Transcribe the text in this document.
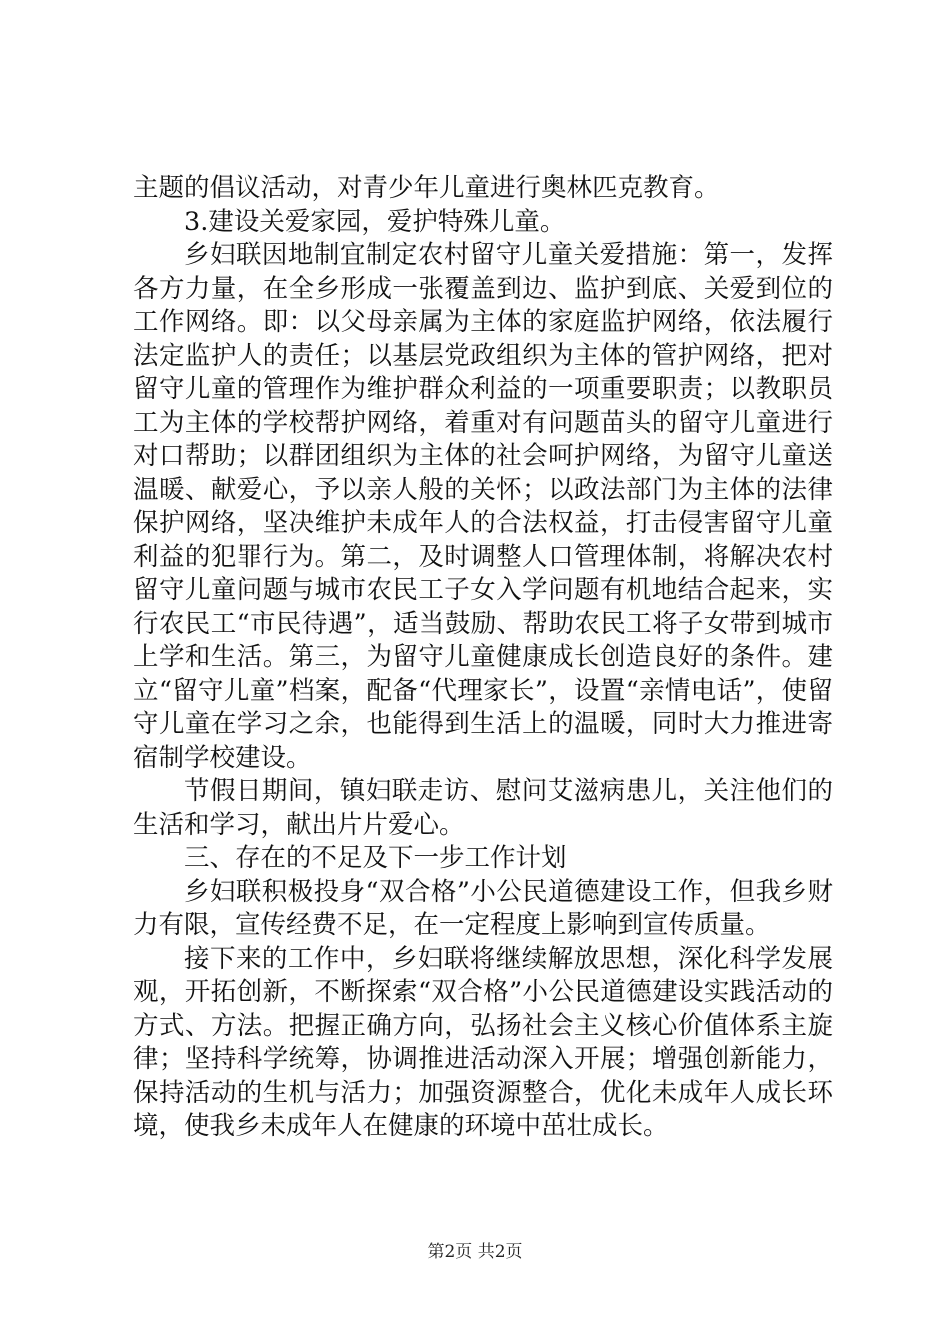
主题的倡议活动，对青少年儿童进行奥林匹克教育。

3.建设关爱家园，爱护特殊儿童。

乡妇联因地制宜制定农村留守儿童关爱措施：第一，发挥各方力量，在全乡形成一张覆盖到边、监护到底、关爱到位的工作网络。即：以父母亲属为主体的家庭监护网络，依法履行法定监护人的责任；以基层党政组织为主体的管护网络，把对留守儿童的管理作为维护群众利益的一项重要职责；以教职员工为主体的学校帮护网络，着重对有问题苗头的留守儿童进行对口帮助；以群团组织为主体的社会呵护网络，为留守儿童送温暖、献爱心，予以亲人般的关怀；以政法部门为主体的法律保护网络，坚决维护未成年人的合法权益，打击侵害留守儿童利益的犯罪行为。第二，及时调整人口管理体制，将解决农村留守儿童问题与城市农民工子女入学问题有机地结合起来，实行农民工“市民待遇”，适当鼓励、帮助农民工将子女带到城市上学和生活。第三，为留守儿童健康成长创造良好的条件。建立“留守儿童”档案，配备“代理家长”，设置“亲情电话”，使留守儿童在学习之余，也能得到生活上的温暖，同时大力推进寄宿制学校建设。

节假日期间，镇妇联走访、慰问艾滋病患儿，关注他们的生活和学习，献出片片爱心。

三、存在的不足及下一步工作计划

乡妇联积极投身“双合格”小公民道德建设工作，但我乡财力有限，宣传经费不足，在一定程度上影响到宣传质量。

接下来的工作中，乡妇联将继续解放思想，深化科学发展观，开拓创新，不断探索“双合格”小公民道德建设实践活动的方式、方法。把握正确方向，弘扬社会主义核心价值体系主旋律；坚持科学统筹，协调推进活动深入开展；增强创新能力，保持活动的生机与活力；加强资源整合，优化未成年人成长环境，使我乡未成年人在健康的环境中茁壮成长。

第2页 共2页
